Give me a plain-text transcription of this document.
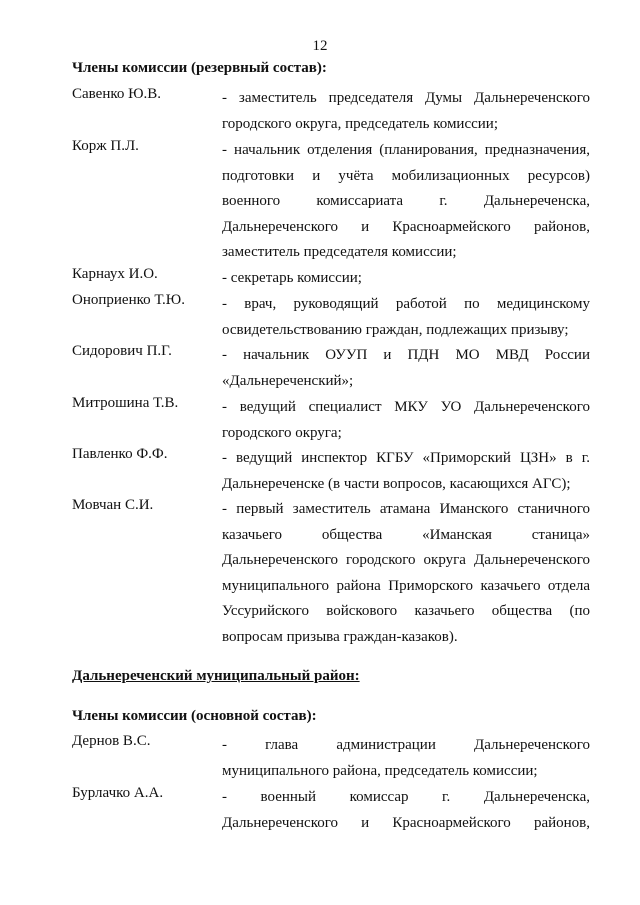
12
Члены комиссии (резервный состав):
Савенко Ю.В.	- заместитель председателя Думы Дальнереченского городского округа, председатель комиссии;
Корж П.Л.	- начальник отделения (планирования, предназначения, подготовки и учёта мобилизационных ресурсов) военного комиссариата г. Дальнереченска, Дальнереченского и Красноармейского районов, заместитель председателя комиссии;
Карнаух И.О.	- секретарь комиссии;
Оноприенко Т.Ю. - врач, руководящий работой по медицинскому освидетельствованию граждан, подлежащих призыву;
Сидорович П.Г.	- начальник ОУУП и ПДН МО МВД России «Дальнереченский»;
Митрошина Т.В.	- ведущий специалист МКУ УО Дальнереченского городского округа;
Павленко Ф.Ф.	- ведущий инспектор КГБУ «Приморский ЦЗН» в г. Дальнереченске (в части вопросов, касающихся АГС);
Мовчан С.И.	- первый заместитель атамана Иманского станичного казачьего общества «Иманская станица» Дальнереченского городского округа Дальнереченского муниципального района Приморского казачьего отдела Уссурийского войскового казачьего общества (по вопросам призыва граждан-казаков).
Дальнереченский муниципальный район:
Члены комиссии (основной состав):
Дернов В.С.	- глава администрации Дальнереченского муниципального района, председатель комиссии;
Бурлачко А.А.	- военный комиссар г. Дальнереченска, Дальнереченского и Красноармейского районов,
